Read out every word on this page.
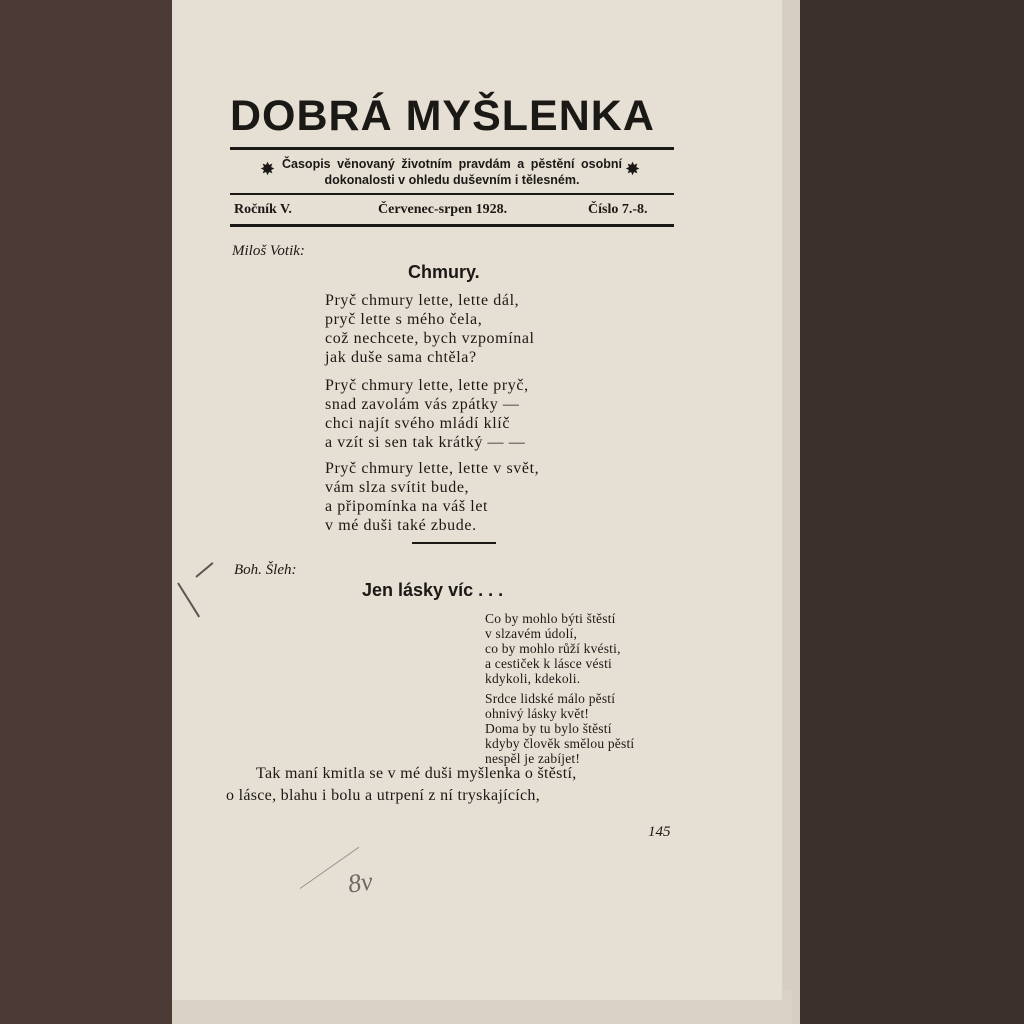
DOBRÁ MYŠLENKA
✸ Časopis věnovaný životním pravdám a pěstění osobní dokonalosti v ohledu duševním i tělesném.

✸
Ročník V.	Červenec-srpen 1928.	Číslo 7.-8.
Miloš Votik:
Chmury.
Pryč chmury lette, lette dál,
pryč lette s mého čela,
což nechcete, bych vzpomínal
jak duše sama chtěla?
Pryč chmury lette, lette pryč,
snad zavolám vás zpátky —
chci najít svého mládí klíč
a vzít si sen tak krátký — —
Pryč chmury lette, lette v svět,
vám slza svítit bude,
a připomínka na váš let
v mé duši také zbude.
Boh. Šleh:
Jen lásky víc . . .
Co by mohlo býti štěstí
v slzavém údolí,
co by mohlo růží kvésti,
a cestiček k lásce vésti
kdykoli, kdekoli.
Srdce lidské málo pěstí
ohnivý lásky květ!
Doma by tu bylo štěstí
kdyby člověk smělou pěstí
nespěl je zabíjet!

Tak maní kmitla se v mé duši myšlenka o štěstí,
o lásce, blahu i bolu a utrpení z ní tryskajících,

145
8v
